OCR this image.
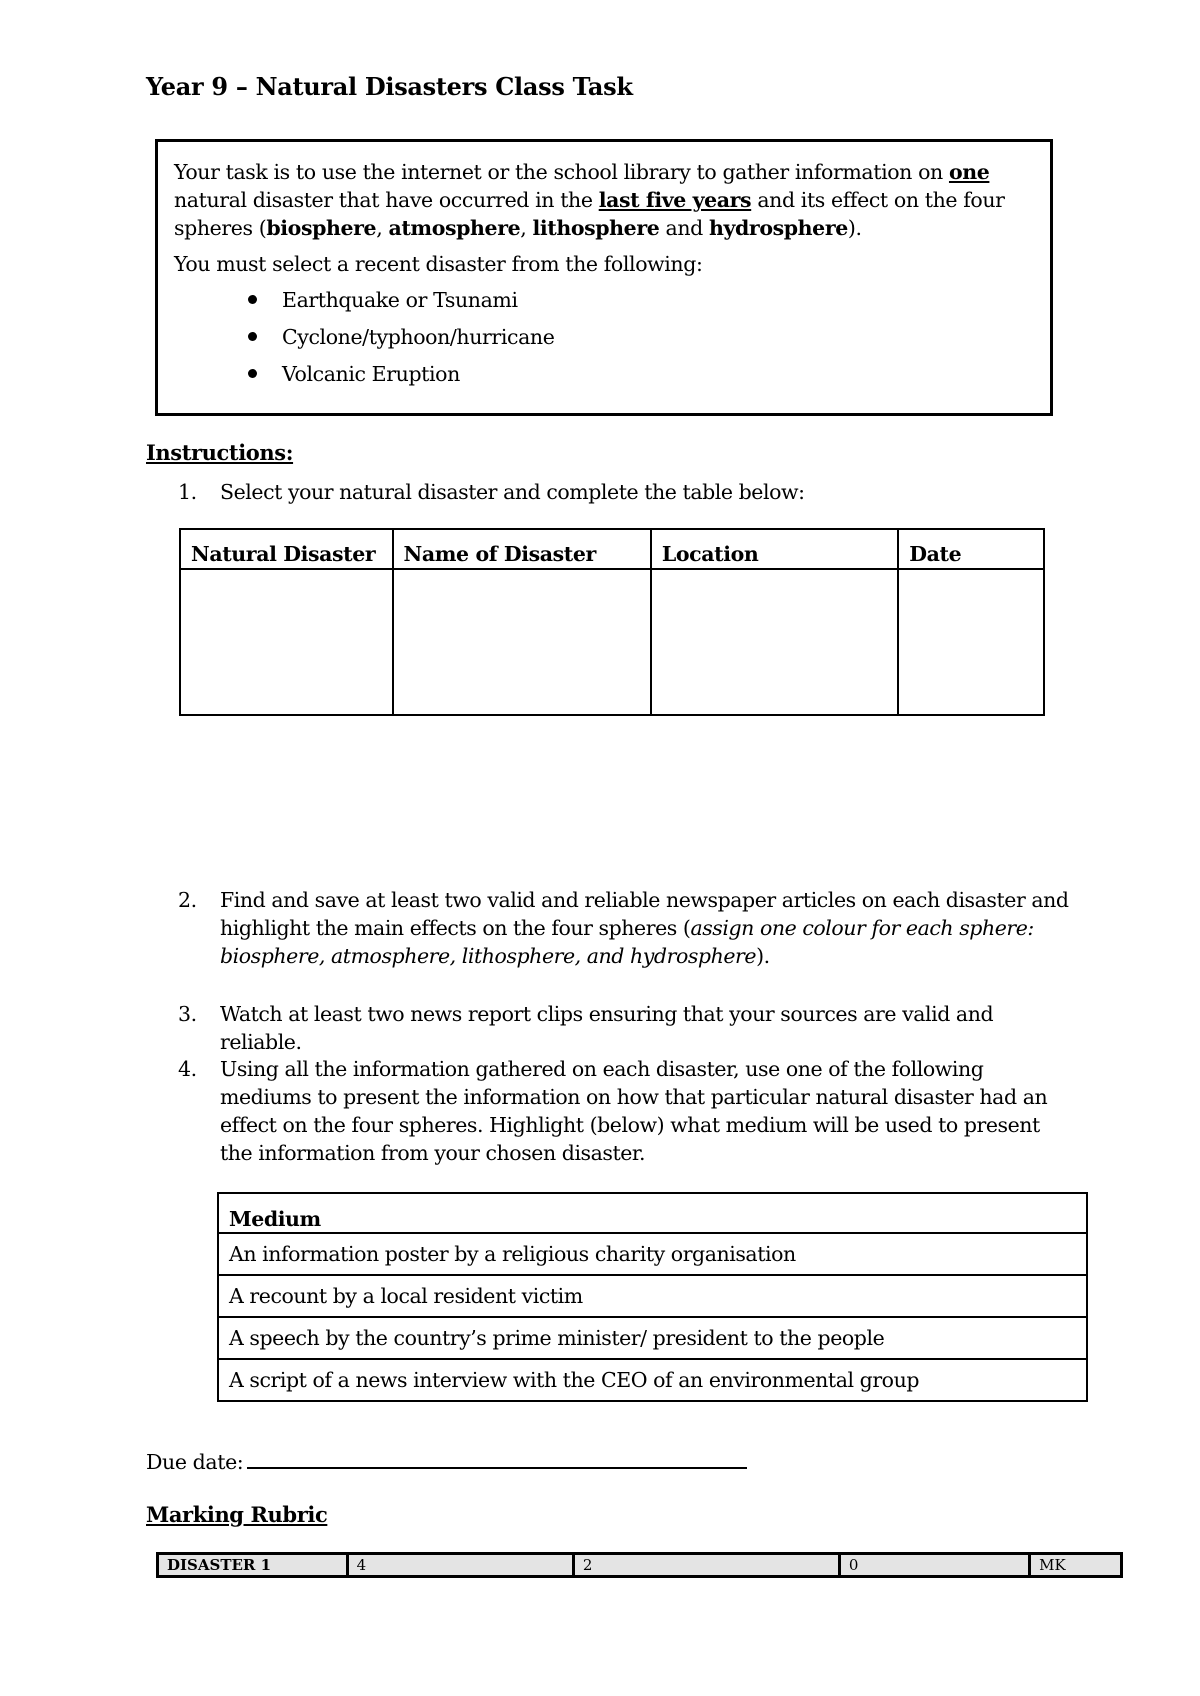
Year 9 – Natural Disasters Class Task

Your task is to use the internet or the school library to gather information on one natural disaster that have occurred in the last five years and its effect on the four spheres (biosphere, atmosphere, lithosphere and hydrosphere).

You must select a recent disaster from the following:

Earthquake or Tsunami
Cyclone/typhoon/hurricane
Volcanic Eruption
Instructions:
1.	Select your natural disaster and complete the table below:
Natural Disaster	Name of Disaster	Location	Date

2.	Find and save at least two valid and reliable newspaper articles on each disaster and highlight the main effects on the four spheres (assign one colour for each sphere: biosphere, atmosphere, lithosphere, and hydrosphere).
3.	Watch at least two news report clips ensuring that your sources are valid and reliable.
4.	Using all the information gathered on each disaster, use one of the following mediums to present the information on how that particular natural disaster had an effect on the four spheres. Highlight (below) what medium will be used to present the information from your chosen disaster.
Medium
An information poster by a religious charity organisation
A recount by a local resident victim
A speech by the country’s prime minister/ president to the people
A script of a news interview with the CEO of an environmental group
Due date:
Marking Rubric
DISASTER 1	4	2	0	MK
